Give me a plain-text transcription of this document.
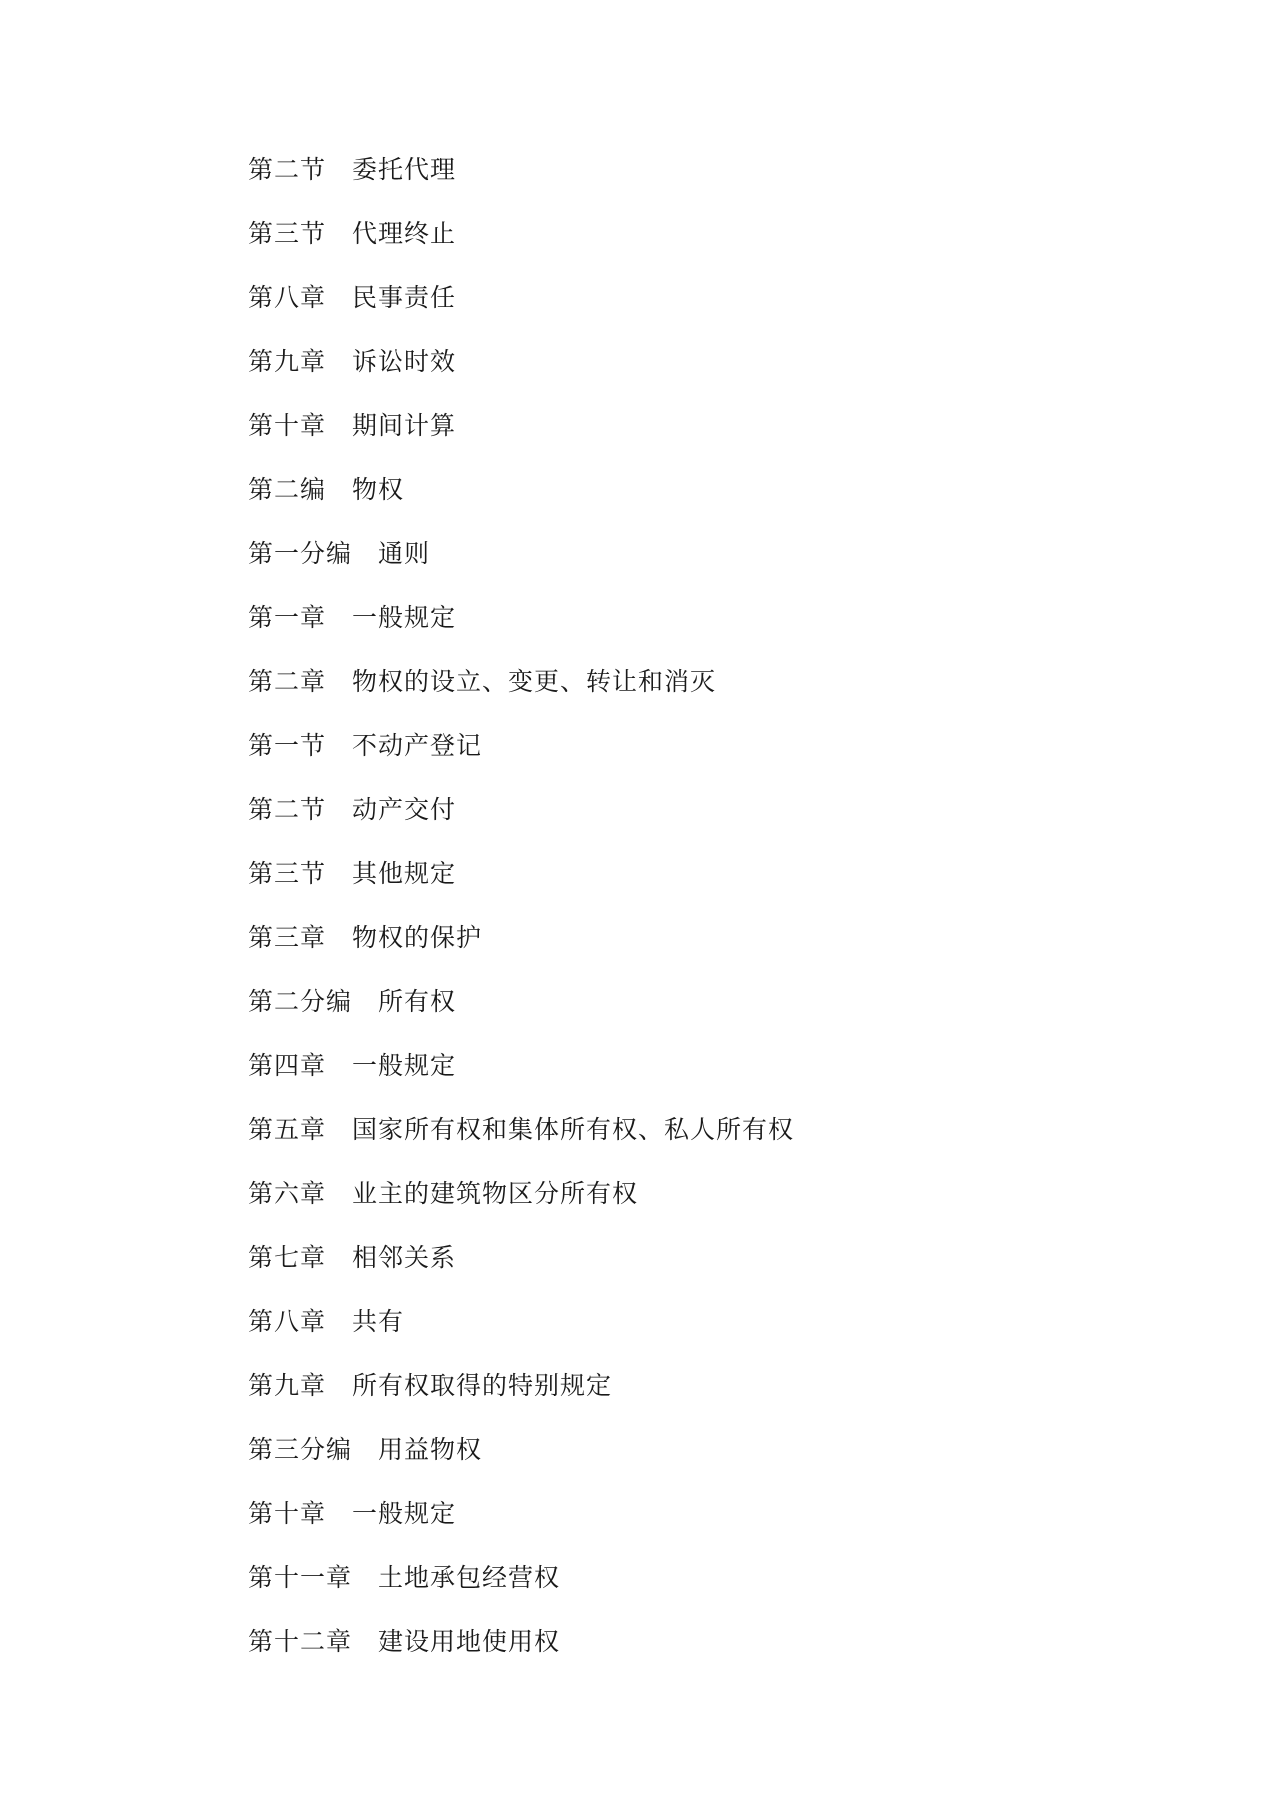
第二节 委托代理
第三节 代理终止
第八章 民事责任
第九章 诉讼时效
第十章 期间计算
第二编 物权
第一分编 通则
第一章 一般规定
第二章 物权的设立、变更、转让和消灭
第一节 不动产登记
第二节 动产交付
第三节 其他规定
第三章 物权的保护
第二分编 所有权
第四章 一般规定
第五章 国家所有权和集体所有权、私人所有权
第六章 业主的建筑物区分所有权
第七章 相邻关系
第八章 共有
第九章 所有权取得的特别规定
第三分编 用益物权
第十章 一般规定
第十一章 土地承包经营权
第十二章 建设用地使用权
